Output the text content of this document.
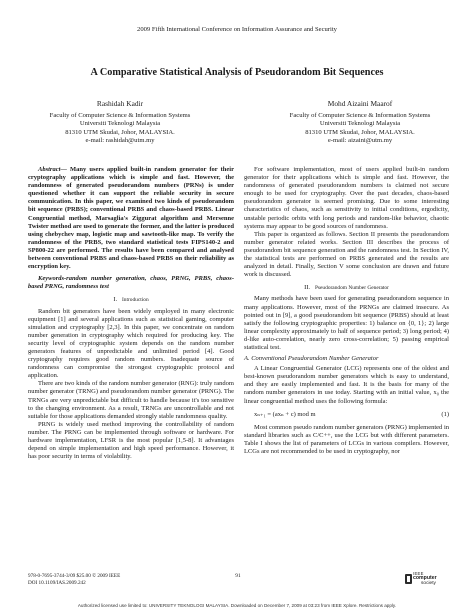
2009 Fifth International Conference on Information Assurance and Security
A Comparative Statistical Analysis of Pseudorandom Bit Sequences
Rashidah Kadir
Faculty of Computer Science & Information Systems
Universiti Teknologi Malaysia
81310 UTM Skudai, Johor, MALAYSIA.
e-mail: rashidah@utm.my
Mohd Aizaini Maarof
Faculty of Computer Science & Information Systems
Universiti Teknologi Malaysia
81310 UTM Skudai, Johor, MALAYSIA.
e-mail: aizaini@utm.my

Abstract— Many users applied built-in random generator for their cryptography applications which is simple and fast. However, the randomness of generated pseudorandom numbers (PRNs) is under questioned whether it can support the reliable security in secure communication. In this paper, we examined two kinds of pseudorandom bit sequence (PRBS); conventional PRBS and chaos-based PRBS. Linear Congruential method, Marsaglia's Ziggurat algorithm and Mersenne Twister method are used to generate the former, and the latter is produced using chebychev map, logistic map and sawtooth-like map. To verify the randomness of the PRBS, two standard statistical tests FIPS140-2 and SP800-22 are performed. The results have been compared and analysed between conventional PRBS and chaos-based PRBS on their reliability as encryption key.

Keywords-random number generation, chaos, PRNG, PRBS, chaos-based PRNG, randomness test

I. Introduction

Random bit generators have been widely employed in many electronic equipment [1] and several applications such as statistical gaming, computer simulation and cryptography [2,3]. In this paper, we concentrate on random number generation in cryptography which required for producing key. The security level of cryptographic system depends on the random number generators features of unpredictable and unlimited period [4]. Good cryptography requires good random numbers. Inadequate source of randomness can compromise the strongest cryptographic protocol and application.

There are two kinds of the random number generator (RNG): truly random number generator (TRNG) and pseudorandom number generator (PRNG). The TRNGs are very unpredictable but difficult to handle because it's too sensitive to the changing environment. As a result, TRNGs are uncontrollable and not suitable for those applications demanded strongly stable randomness quality.

PRNG is widely used method improving the controllability of random number. The PRNG can be implemented through software or hardware. For hardware implementation, LFSR is the most popular [1,5-8]. It advantages depend on simple implementation and high speed performance. However, it has poor security in terms of violability.

For software implementation, most of users applied built-in random generator for their applications which is simple and fast. However, the randomness of generated pseudorandom numbers is claimed not secure enough to be used for cryptography. Over the past decades, chaos-based pseudorandom generator is seemed promising. Due to some interesting characteristics of chaos, such as sensitivity to initial conditions, ergodicity, unstable periodic orbits with long periods and random-like behavior, chaotic systems may appear to be good sources of randomness.

This paper is organized as follows. Section II presents the pseudorandom number generator related works. Section III describes the process of pseudorandom bit sequence generation and the randomness test. In Section IV, the statistical tests are performed on PRBS generated and the results are analyzed in detail. Finally, Section V some conclusion are drawn and future work is discussed.

II. Pseudorandom Number Generator

Many methods have been used for generating pseudorandom sequence in many applications. However, most of the PRNGs are claimed insecure. As pointed out in [9], a good pseudorandom bit sequence (PRBS) should at least satisfy the following cryptographic properties: 1) balance on {0, 1}; 2) large linear complexity approximately to half of sequence period; 3) long period; 4) d-like auto-correlation, nearly zero cross-correlation; 5) passing empirical statistical test.

A. Conventional Pseudorandom Number Generator

A Linear Congruential Generator (LCG) represents one of the oldest and best-known pseudorandom number generators which is easy to understand, and they are easily implemented and fast. It is the basis for many of the random number generators in use today. Starting with an initial value, x₀ the linear congruential method uses the following formula:

xₙ₊₁ = (axₙ + c) mod m	(1)

Most common pseudo random number generators (PRNG) implemented in standard libraries such as C/C++, use the LCG but with different parameters. Table I shows the list of parameters of LCGs in various compilers. However, LCGs are not recommended to be used in cryptography, nor

978-0-7695-3744-3/09 $25.00 © 2009 IEEE
DOI 10.1109/IAS.2009.242
91	IEEE
computer
society
Authorized licensed use limited to: UNIVERSITY TEKNOLOGI MALAYSIA. Downloaded on December 7, 2009 at 03:23 from IEEE Xplore. Restrictions apply.
